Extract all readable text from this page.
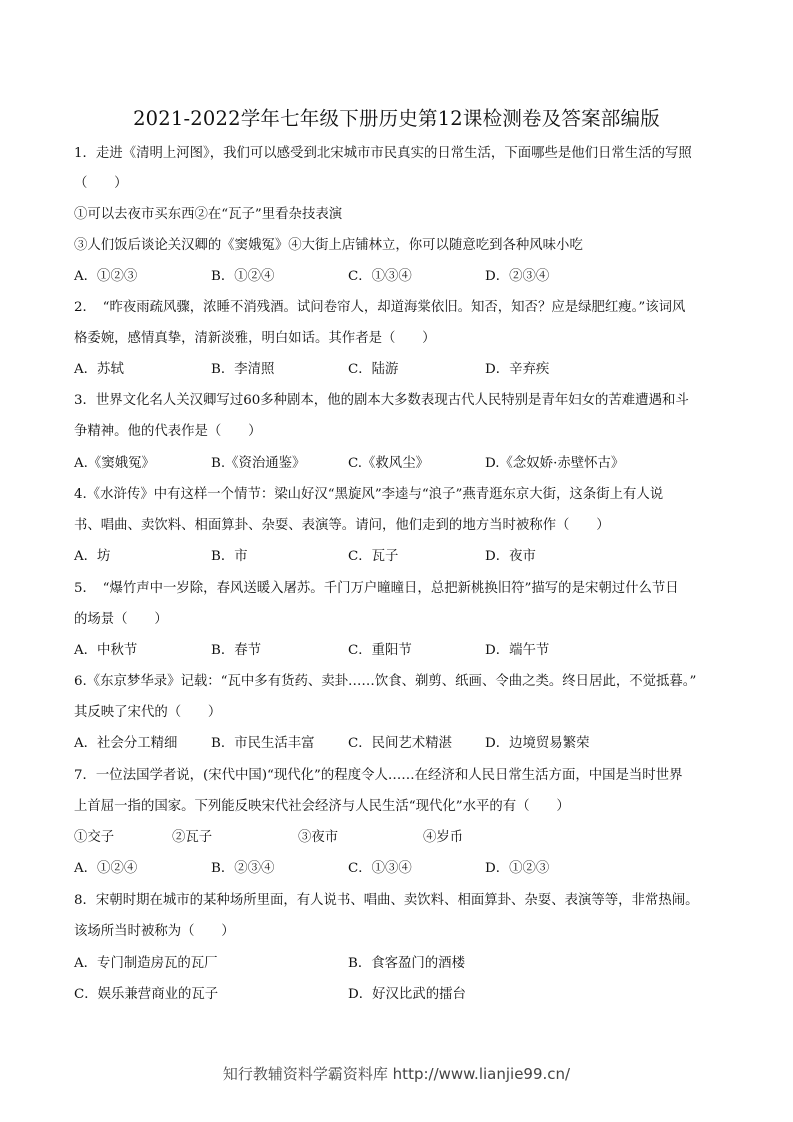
2021-2022学年七年级下册历史第12课检测卷及答案部编版
1．走进《清明上河图》，我们可以感受到北宋城市市民真实的日常生活，下面哪些是他们日常生活的写照
（　　）
①可以去夜市买东西②在“瓦子”里看杂技表演
③人们饭后谈论关汉卿的《窦娥冤》④大街上店铺林立，你可以随意吃到各种风味小吃
A．①②③	B．①②④	C．①③④	D．②③④
2．　“昨夜雨疏风骤，浓睡不消残酒。试问卷帘人，却道海棠依旧。知否，知否？应是绿肥红瘦。”该词风
格委婉，感情真挚，清新淡雅，明白如话。其作者是（　　）
A．苏轼	B．李清照	C．陆游	D．辛弃疾
3．世界文化名人关汉卿写过60多种剧本，他的剧本大多数表现古代人民特别是青年妇女的苦难遭遇和斗
争精神。他的代表作是（　　）
A.《窦娥冤》	B.《资治通鉴》	C.《救风尘》	D.《念奴娇·赤壁怀古》
4.《水浒传》中有这样一个情节：梁山好汉“黑旋风”李逵与“浪子”燕青逛东京大街，这条街上有人说
书、唱曲、卖饮料、相面算卦、杂耍、表演等。请问，他们走到的地方当时被称作（　　）
A．坊	B．市	C．瓦子	D．夜市
5．　“爆竹声中一岁除，春风送暖入屠苏。千门万户曈曈日，总把新桃换旧符”描写的是宋朝过什么节日
的场景（　　）
A．中秋节	B．春节	C．重阳节	D．端午节
6.《东京梦华录》记载：“瓦中多有货药、卖卦……饮食、剃剪、纸画、令曲之类。终日居此，不觉抵暮。”
其反映了宋代的（　　）
A．社会分工精细	B．市民生活丰富 C．民间艺术精湛 D．边境贸易繁荣
7．一位法国学者说，(宋代中国)“现代化”的程度令人……在经济和人民日常生活方面，中国是当时世界
上首屈一指的国家。下列能反映宋代社会经济与人民生活“现代化”水平的有（　　）
①交子	②瓦子	③夜市	④岁币
A．①②④	B．②③④	C．①③④	D．①②③
8．宋朝时期在城市的某种场所里面，有人说书、唱曲、卖饮料、相面算卦、杂耍、表演等等，非常热闹。
该场所当时被称为（　　）
A．专门制造房瓦的瓦厂	B．食客盈门的酒楼
C．娱乐兼营商业的瓦子	D．好汉比武的擂台
知行教辅资料学霸资料库 http://www.lianjie99.cn/
